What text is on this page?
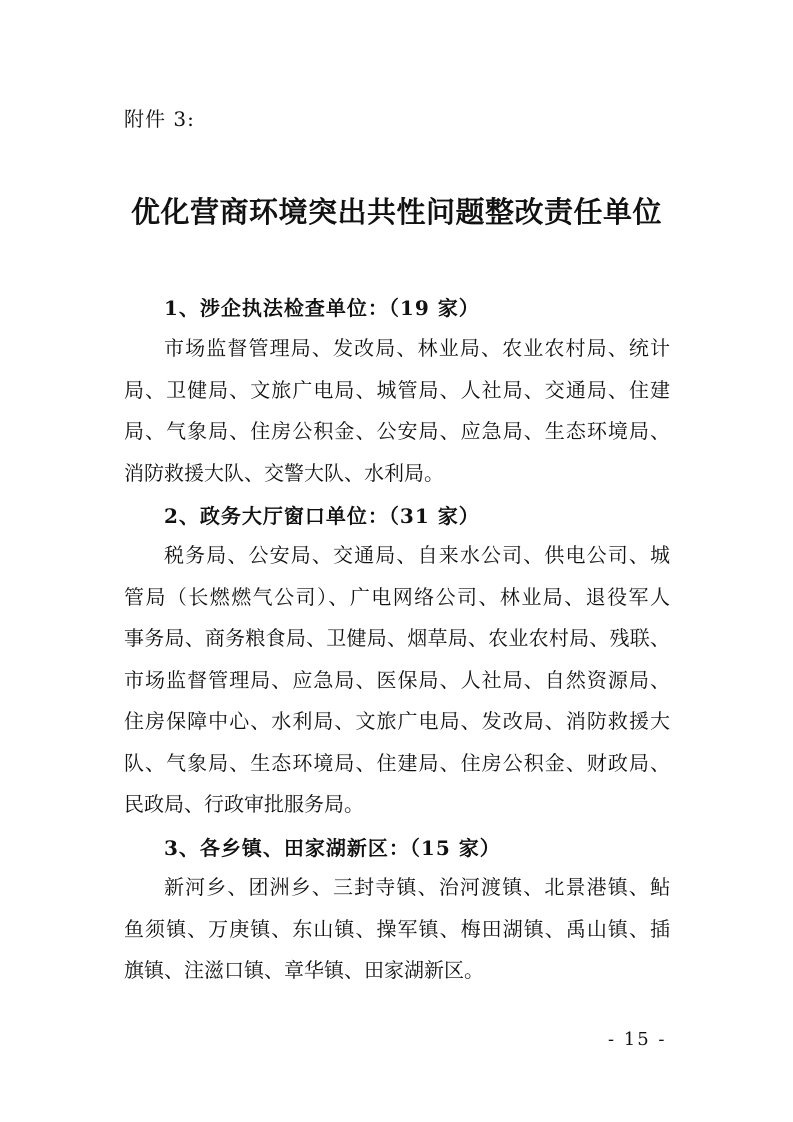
附件 3:
优化营商环境突出共性问题整改责任单位
1、涉企执法检查单位：（19 家）
市场监督管理局、发改局、林业局、农业农村局、统计
局、卫健局、文旅广电局、城管局、人社局、交通局、住建
局、气象局、住房公积金、公安局、应急局、生态环境局、
消防救援大队、交警大队、水利局。
2、政务大厅窗口单位：（31 家）
税务局、公安局、交通局、自来水公司、供电公司、城
管局（长燃燃气公司）、广电网络公司、林业局、退役军人
事务局、商务粮食局、卫健局、烟草局、农业农村局、残联、
市场监督管理局、应急局、医保局、人社局、自然资源局、
住房保障中心、水利局、文旅广电局、发改局、消防救援大
队、气象局、生态环境局、住建局、住房公积金、财政局、
民政局、行政审批服务局。
3、各乡镇、田家湖新区：（15 家）
新河乡、团洲乡、三封寺镇、治河渡镇、北景港镇、鲇
鱼须镇、万庚镇、东山镇、操军镇、梅田湖镇、禹山镇、插
旗镇、注滋口镇、章华镇、田家湖新区。
- 15 -
